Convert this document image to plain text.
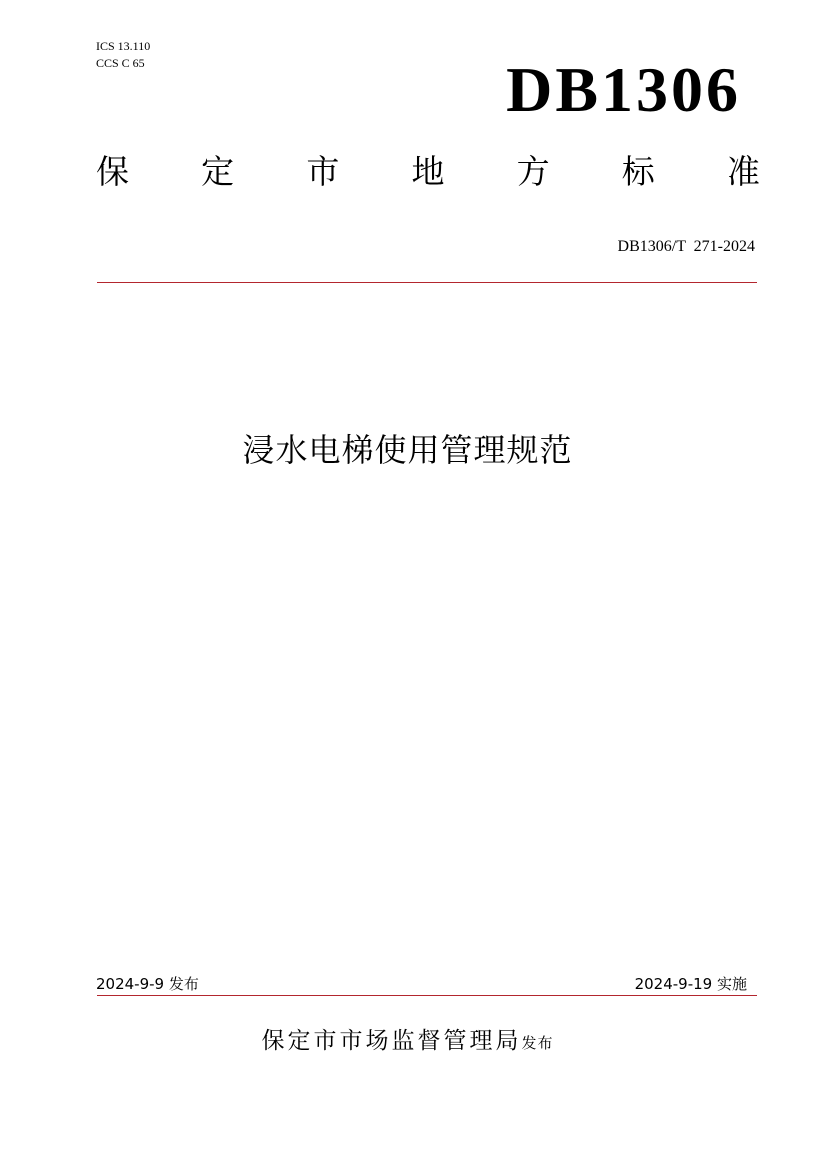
ICS 13.110
CCS C 65	DB1306
保 定 市 地 方 标 准
DB1306/T  271-2024
浸水电梯使用管理规范
2024-9-9 发布	2024-9-19 实施
保定市市场监督管理局发布
